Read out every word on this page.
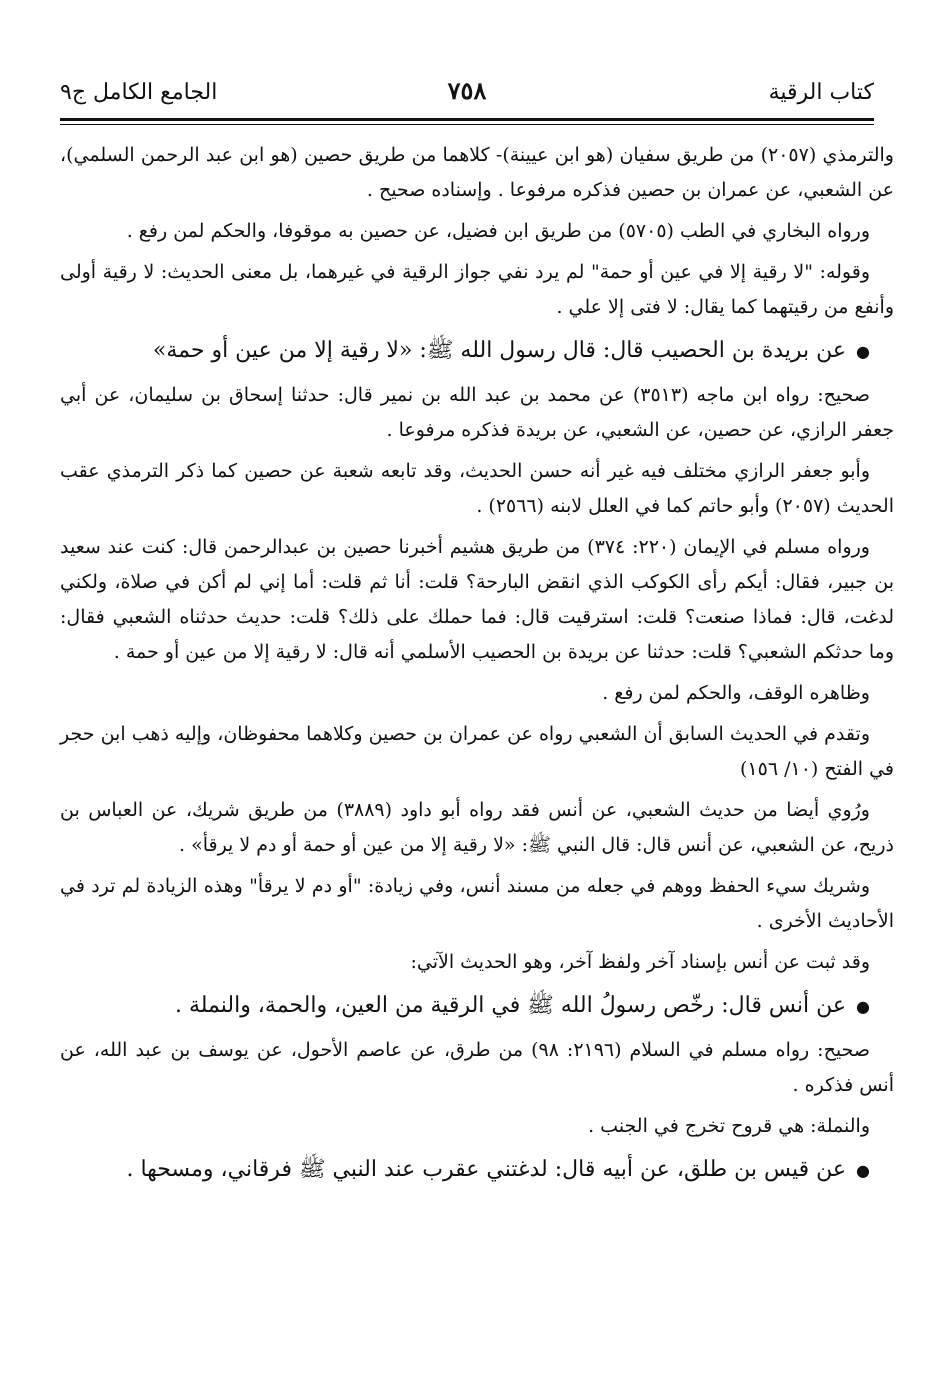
كتاب الرقية
٧٥٨
الجامع الكامل ج٩

والترمذي (٢٠٥٧) من طريق سفيان (هو ابن عيينة)- كلاهما من طريق حصين (هو ابن عبد الرحمن السلمي)، عن الشعبي، عن عمران بن حصين فذكره مرفوعا . وإسناده صحيح .

ورواه البخاري في الطب (٥٧٠٥) من طريق ابن فضيل، عن حصين به موقوفا، والحكم لمن رفع .

وقوله: "لا رقية إلا في عين أو حمة" لم يرد نفي جواز الرقية في غيرهما، بل معنى الحديث: لا رقية أولى وأنفع من رقيتهما كما يقال: لا فتى إلا علي .

●عن بريدة بن الحصيب قال: قال رسول الله ﷺ: «لا رقية إلا من عين أو حمة»

صحيح: رواه ابن ماجه (٣٥١٣) عن محمد بن عبد الله بن نمير قال: حدثنا إسحاق بن سليمان، عن أبي جعفر الرازي، عن حصين، عن الشعبي، عن بريدة فذكره مرفوعا .

وأبو جعفر الرازي مختلف فيه غير أنه حسن الحديث، وقد تابعه شعبة عن حصين كما ذكر الترمذي عقب الحديث (٢٠٥٧) وأبو حاتم كما في العلل لابنه (٢٥٦٦) .

ورواه مسلم في الإيمان (٢٢٠: ٣٧٤) من طريق هشيم أخبرنا حصين بن عبدالرحمن قال: كنت عند سعيد بن جبير، فقال: أيكم رأى الكوكب الذي انقض البارحة؟ قلت: أنا ثم قلت: أما إني لم أكن في صلاة، ولكني لدغت، قال: فماذا صنعت؟ قلت: استرقيت قال: فما حملك على ذلك؟ قلت: حديث حدثناه الشعبي فقال: وما حدثكم الشعبي؟ قلت: حدثنا عن بريدة بن الحصيب الأسلمي أنه قال: لا رقية إلا من عين أو حمة .

وظاهره الوقف، والحكم لمن رفع .

وتقدم في الحديث السابق أن الشعبي رواه عن عمران بن حصين وكلاهما محفوظان، وإليه ذهب ابن حجر في الفتح (١٠/ ١٥٦)

ورُوي أيضا من حديث الشعبي، عن أنس فقد رواه أبو داود (٣٨٨٩) من طريق شريك، عن العباس بن ذريح، عن الشعبي، عن أنس قال: قال النبي ﷺ: «لا رقية إلا من عين أو حمة أو دم لا يرقأ» .

وشريك سيء الحفظ ووهم في جعله من مسند أنس، وفي زيادة: "أو دم لا يرقأ" وهذه الزيادة لم ترد في الأحاديث الأخرى .

وقد ثبت عن أنس بإسناد آخر ولفظ آخر، وهو الحديث الآتي:

●عن أنس قال: رخّص رسولُ الله ﷺ في الرقية من العين، والحمة، والنملة .

صحيح: رواه مسلم في السلام (٢١٩٦: ٩٨) من طرق، عن عاصم الأحول، عن يوسف بن عبد الله، عن أنس فذكره .

والنملة: هي قروح تخرج في الجنب .

●عن قيس بن طلق، عن أبيه قال: لدغتني عقرب عند النبي ﷺ فرقاني، ومسحها .
